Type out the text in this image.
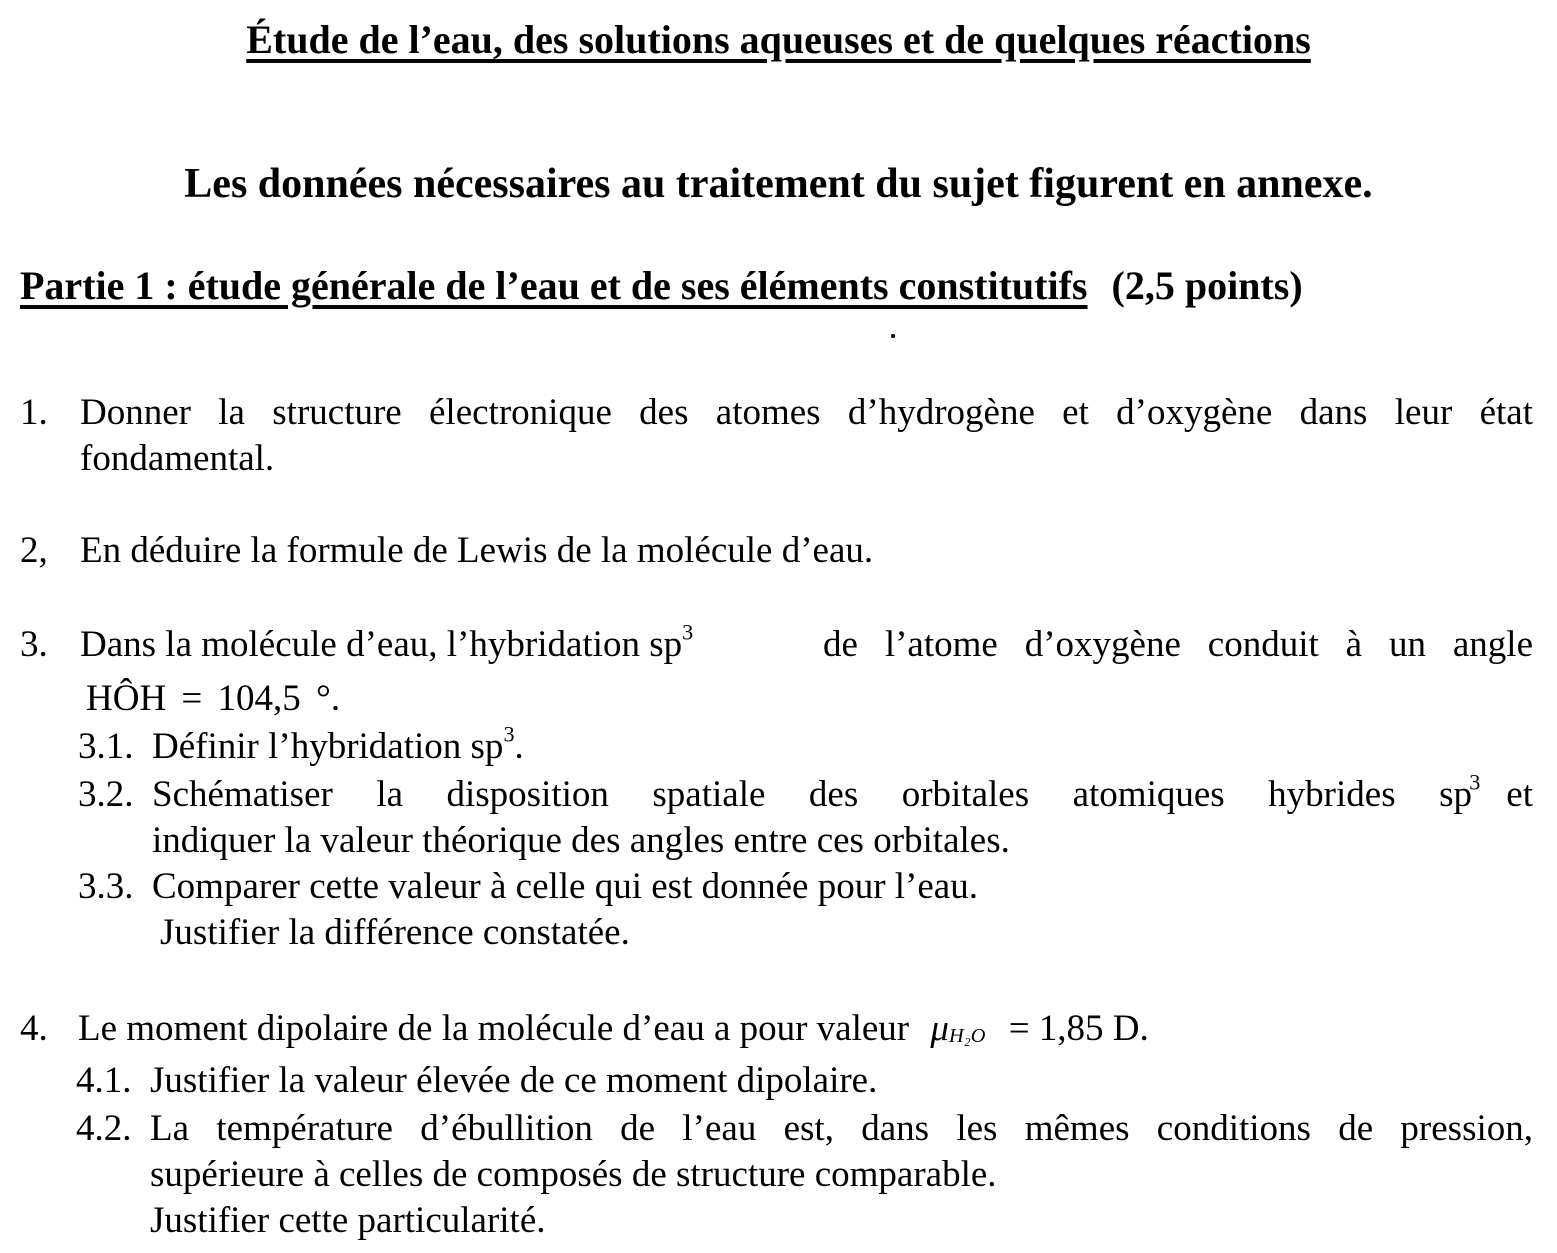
Étude de l’eau, des solutions aqueuses et de quelques réactions
Les données nécessaires au traitement du sujet figurent en annexe.
Partie 1 : étude générale de l’eau et de ses éléments constitutifs (2,5 points)
1. Donner la structure électronique des atomes d’hydrogène et d’oxygène dans leur état
fondamental.
2, En déduire la formule de Lewis de la molécule d’eau.
3. Dans la molécule d’eau, l’hybridation $sp^3$	de l’atome d’oxygène conduit à un angle
HÔH = 104,5 °.
3.1. Définir l’hybridation $sp^3$.
3.2. Schématiser la disposition spatiale des orbitales atomiques hybrides sp
$^3$ et
indiquer la valeur théorique des angles entre ces orbitales.
3.3. Comparer cette valeur à celle qui est donnée pour l’eau.
Justifier la différence constatée.
4. Le moment dipolaire de la molécule d’eau a pour valeur $\mu_{H_2O} = 1,85$ D.
4.1. Justifier la valeur élevée de ce moment dipolaire.
4.2. La température d’ébullition de l’eau est, dans les mêmes conditions de pression,
supérieure à celles de composés de structure comparable.
Justifier cette particularité.
